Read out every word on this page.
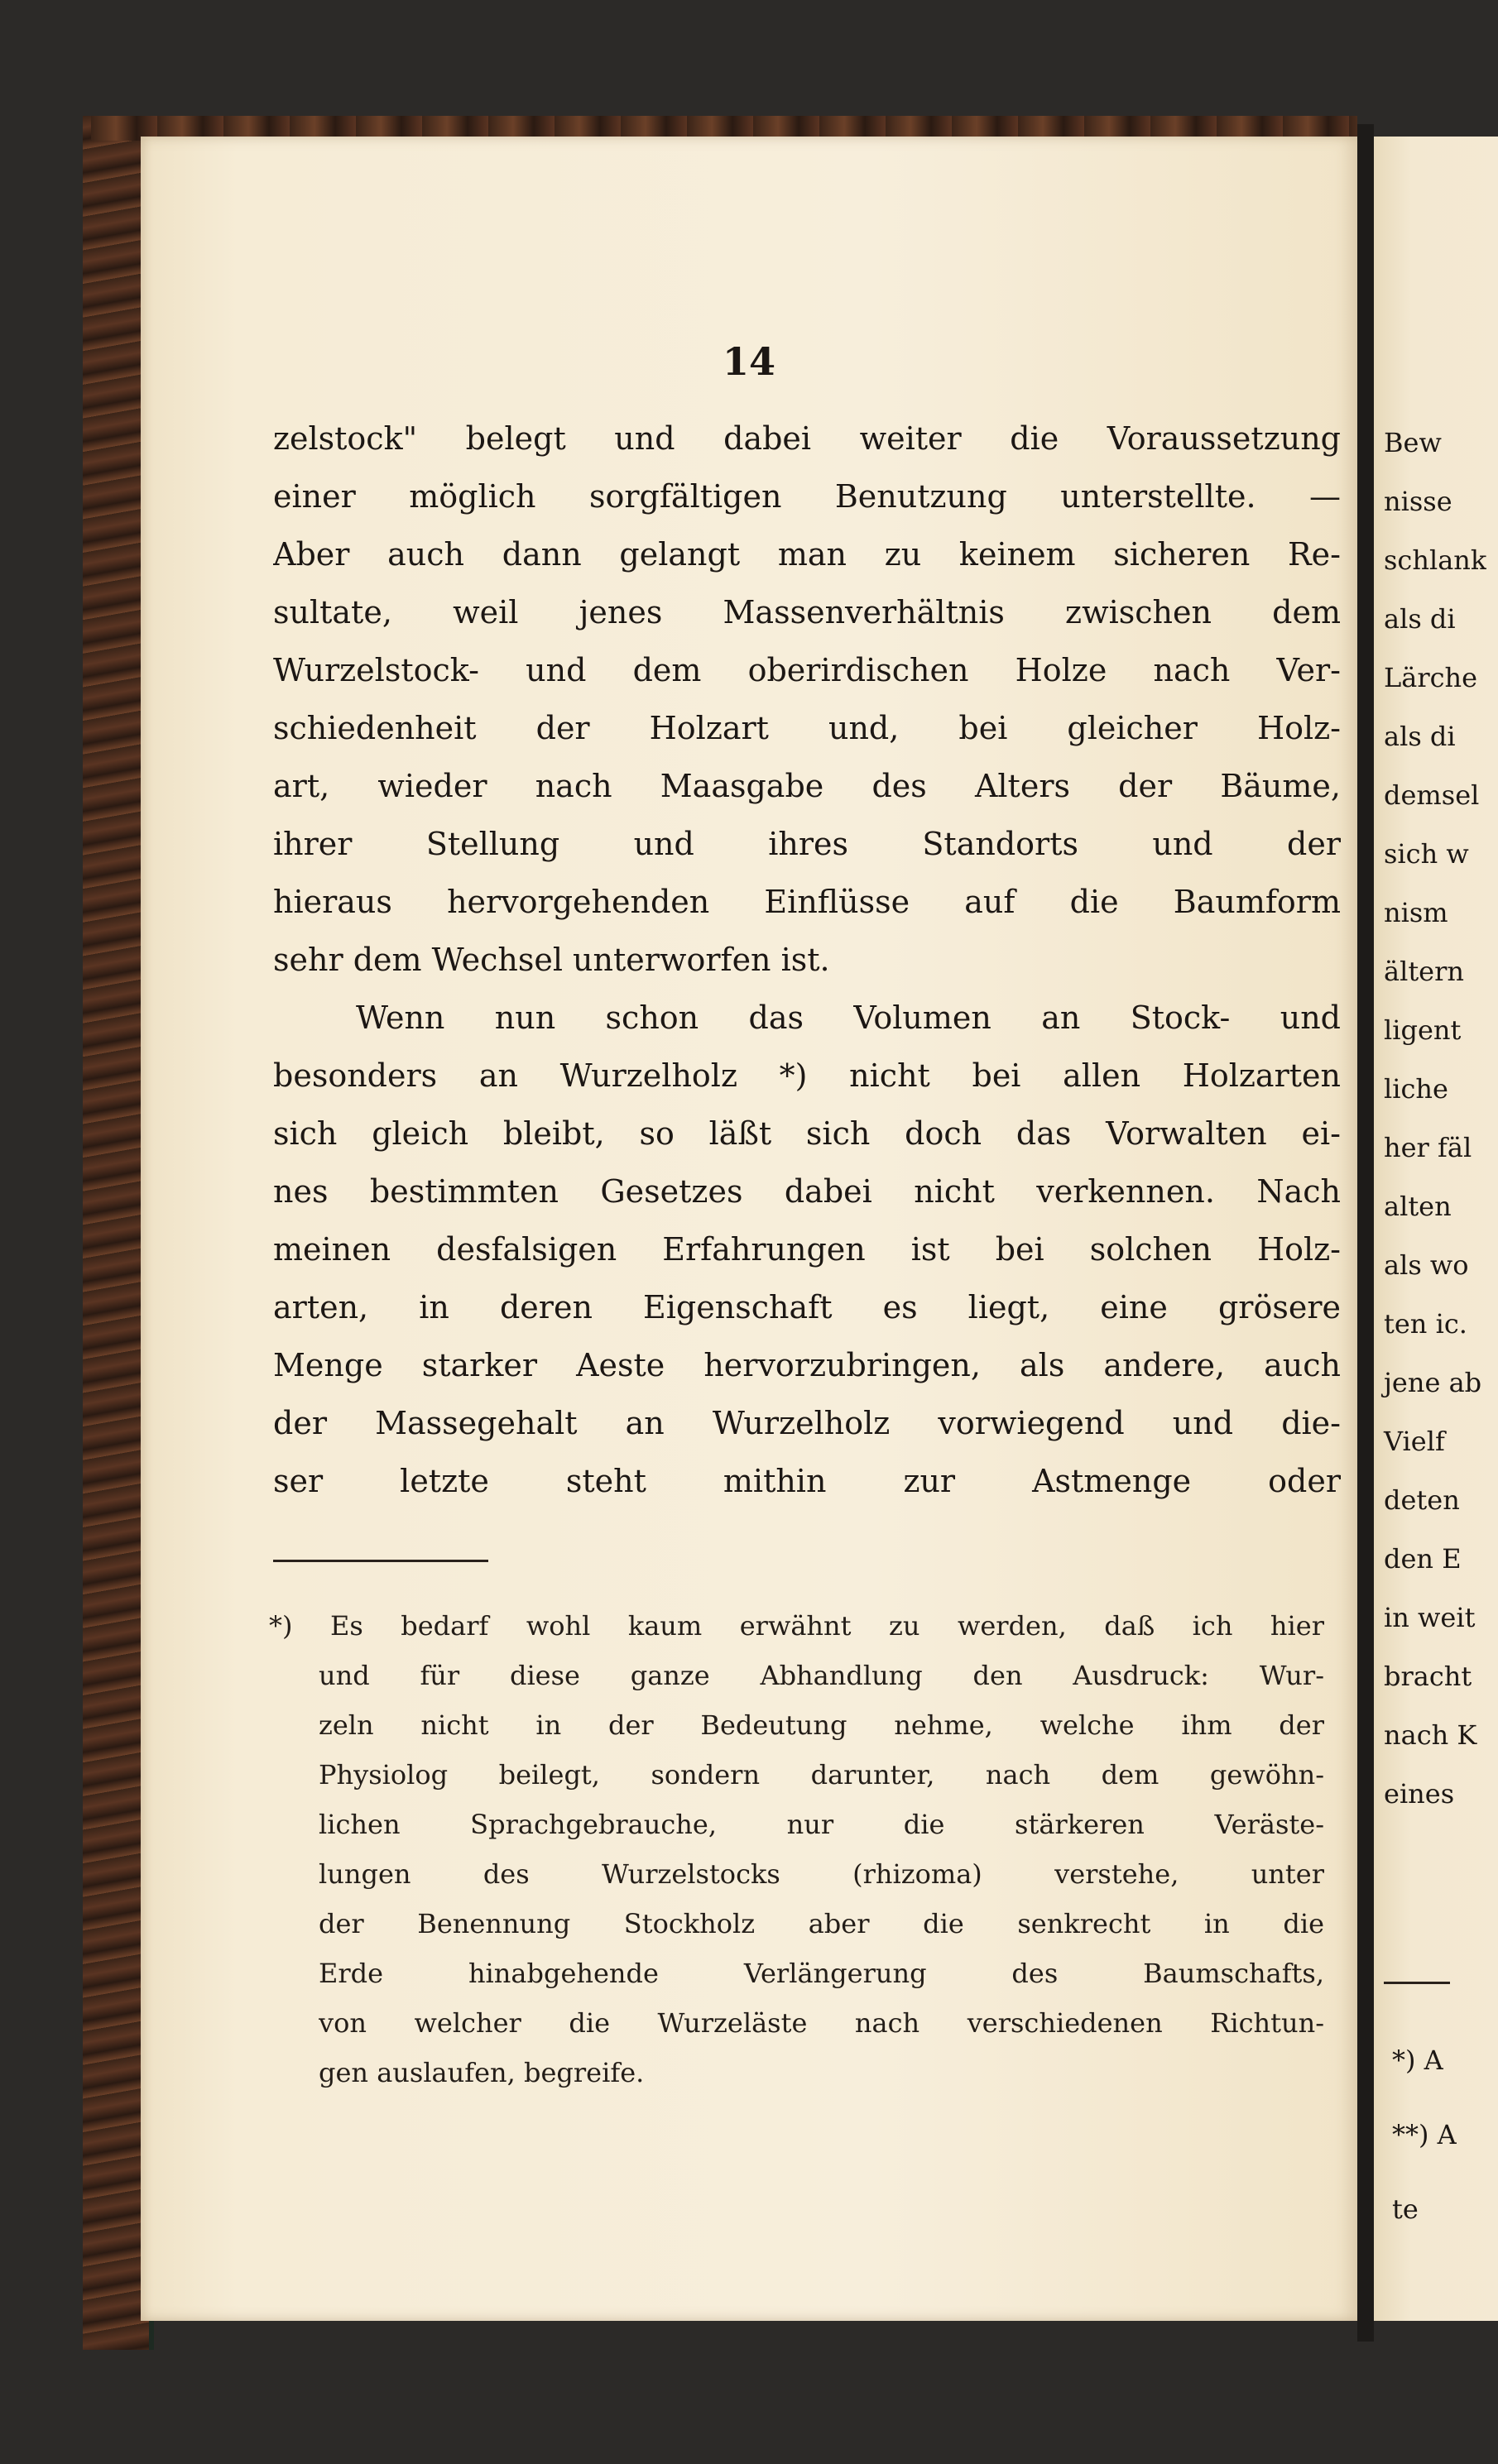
14
zelstock" belegt und dabei weiter die Voraussetzung
einer möglich sorgfältigen Benutzung unterstellte. —
Aber auch dann gelangt man zu keinem sicheren Re-
sultate, weil jenes Massenverhältnis zwischen dem
Wurzelstock- und dem oberirdischen Holze nach Ver-
schiedenheit der Holzart und, bei gleicher Holz-
art, wieder nach Maasgabe des Alters der Bäume,
ihrer Stellung und ihres Standorts und der
hieraus hervorgehenden Einflüsse auf die Baumform
sehr dem Wechsel unterworfen ist.
Wenn nun schon das Volumen an Stock- und
besonders an Wurzelholz *) nicht bei allen Holzarten
sich gleich bleibt, so läßt sich doch das Vorwalten ei-
nes bestimmten Gesetzes dabei nicht verkennen. Nach
meinen desfalsigen Erfahrungen ist bei solchen Holz-
arten, in deren Eigenschaft es liegt, eine grösere
Menge starker Aeste hervorzubringen, als andere, auch
der Massegehalt an Wurzelholz vorwiegend und die-
ser letzte steht mithin zur Astmenge oder
*) Es bedarf wohl kaum erwähnt zu werden, daß ich hier
und für diese ganze Abhandlung den Ausdruck: Wur-
zeln nicht in der Bedeutung nehme, welche ihm der
Physiolog beilegt, sondern darunter, nach dem gewöhn-
lichen Sprachgebrauche, nur die stärkeren Veräste-
lungen des Wurzelstocks (rhizoma) verstehe, unter
der Benennung Stockholz aber die senkrecht in die
Erde hinabgehende Verlängerung des Baumschafts,
von welcher die Wurzeläste nach verschiedenen Richtun-
gen auslaufen, begreife.
Bew
nisse
schlank
als di
Lärche
als di
demsel
sich w
nism
ältern
ligent
liche
her fäl
alten
als wo
ten ic.
jene ab
Vielf
deten
den E
in weit
bracht
nach K
eines
*) A
**) A
te
